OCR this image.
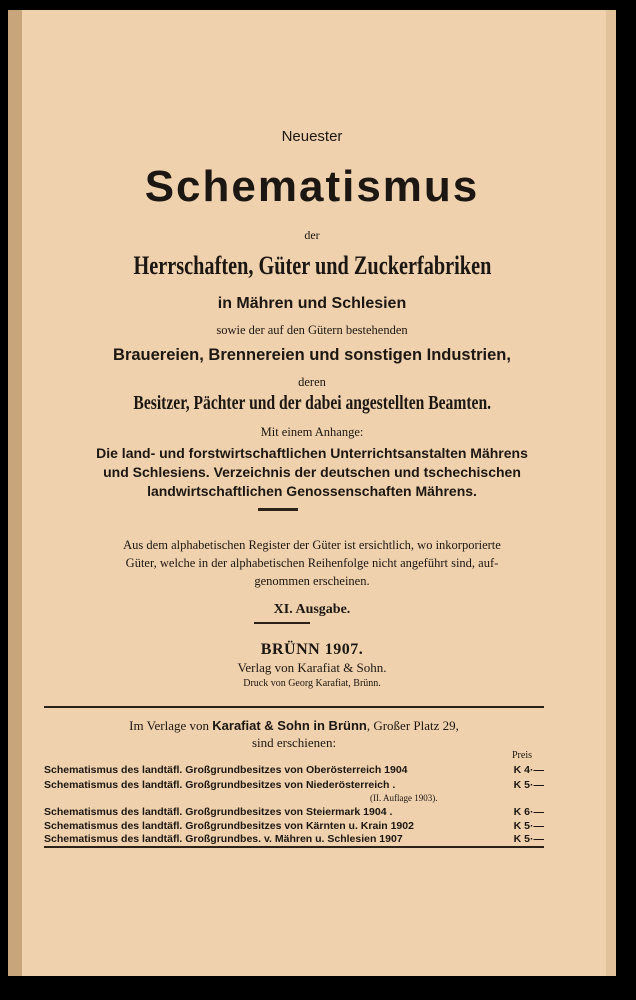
Neuester
Schematismus
der
Herrschaften, Güter und Zuckerfabriken
in Mähren und Schlesien
sowie der auf den Gütern bestehenden
Brauereien, Brennereien und sonstigen Industrien,
deren
Besitzer, Pächter und der dabei angestellten Beamten.
Mit einem Anhange:
Die land- und forstwirtschaftlichen Unterrichtsanstalten Mährens
und Schlesiens. Verzeichnis der deutschen und tschechischen
landwirtschaftlichen Genossenschaften Mährens.
Aus dem alphabetischen Register der Güter ist ersichtlich, wo inkorporierte
Güter, welche in der alphabetischen Reihenfolge nicht angeführt sind, auf-
genommen erscheinen.
XI. Ausgabe.
BRÜNN 1907.
Verlag von Karafiat & Sohn.
Druck von Georg Karafiat, Brünn.
Im Verlage von Karafiat & Sohn in Brünn, Großer Platz 29,
sind erschienen:
Preis
Schematismus des landtäfl. Großgrundbesitzes von Oberösterreich 1904	K 4·—
Schematismus des landtäfl. Großgrundbesitzes von Niederösterreich .	K 5·—
(II. Auflage 1903).
Schematismus des landtäfl. Großgrundbesitzes von Steiermark 1904 .	K 6·—
Schematismus des landtäfl. Großgrundbesitzes von Kärnten u. Krain 1902	K 5·—
Schematismus des landtäfl. Großgrundbes. v. Mähren u. Schlesien 1907	K 5·—
